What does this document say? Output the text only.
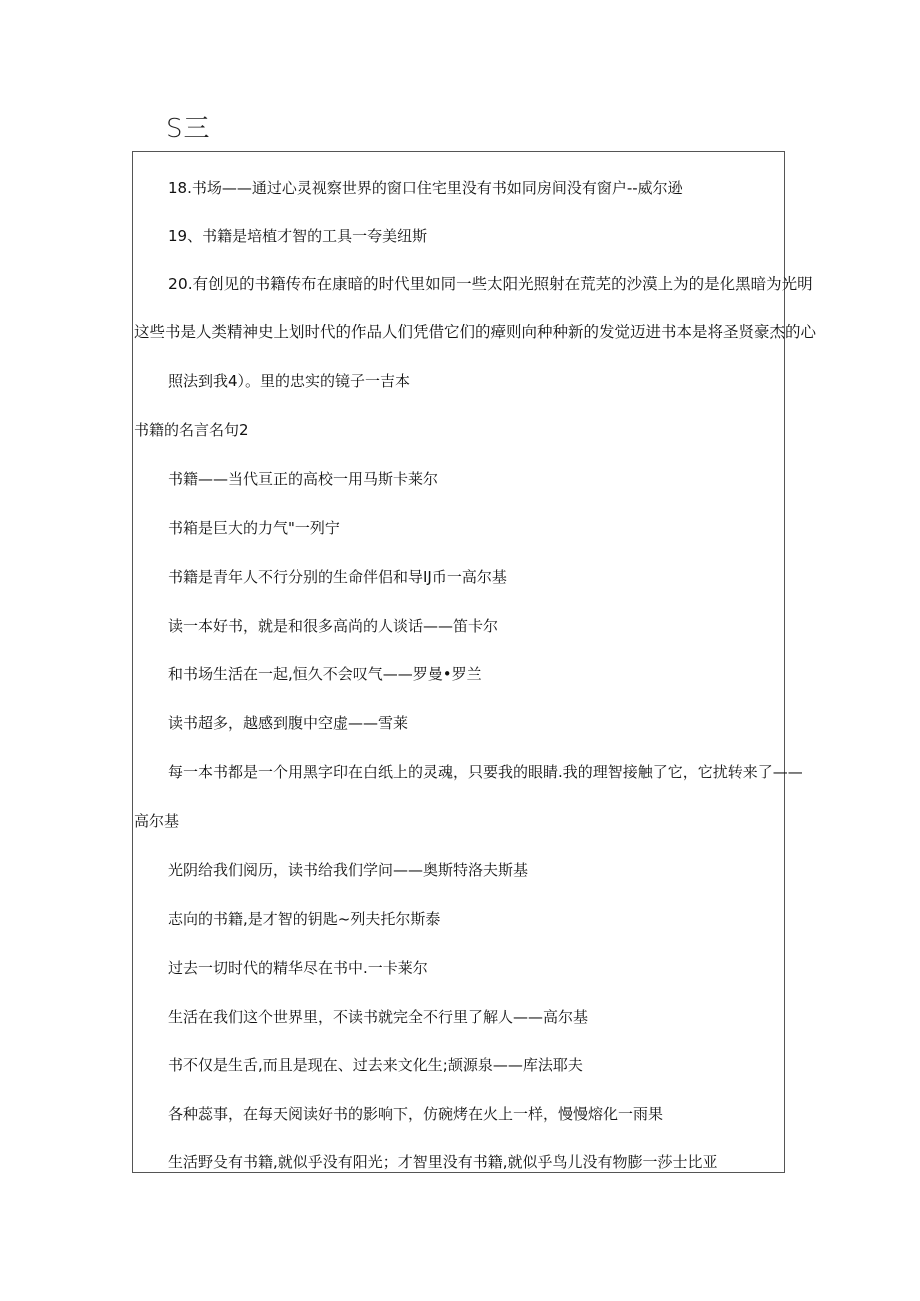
S三
18.书场——通过心灵视察世界的窗口住宅里没有书如同房间没有窗户--威尔逊
19、书籍是培植才智的工具一夸美纽斯
20.有创见的书籍传布在康暗的时代里如同一些太阳光照射在荒芜的沙漠上为的是化黑暗为光明
这些书是人类精神史上划时代的作品人们凭借它们的瘴则向种种新的发觉迈进书本是将圣贤豪杰的心
照法到我4）。里的忠实的镜子一吉本
书籍的名言名句2
书籍——当代亘正的高校一用马斯卡莱尔
书箱是巨大的力气"一列宁
书籍是青年人不行分别的生命伴侣和导IJ币一高尔基
读一本好书，就是和很多高尚的人谈话——笛卡尔
和书场生活在一起,恒久不会叹气——罗曼•罗兰
读书超多，越感到腹中空虚——雪莱
每一本书都是一个用黑字印在白纸上的灵魂，只要我的眼睛.我的理智接触了它，它扰转来了——
高尔基
光阴给我们阅历，读书给我们学问——奥斯特洛夫斯基
志向的书籍,是才智的钥匙~列夫托尔斯泰
过去一切时代的精华尽在书中.一卡莱尔
生活在我们这个世界里，不读书就完全不行里了解人——高尔基
书不仅是生舌,而且是现在、过去来文化生;颉源泉——库法耶夫
各种蕊事，在每天阅读好书的影响下，仿碗烤在火上一样，慢慢熔化一雨果
生活野殳有书籍,就似乎没有阳光；才智里没有书籍,就似乎鸟儿没有物膨一莎士比亚
